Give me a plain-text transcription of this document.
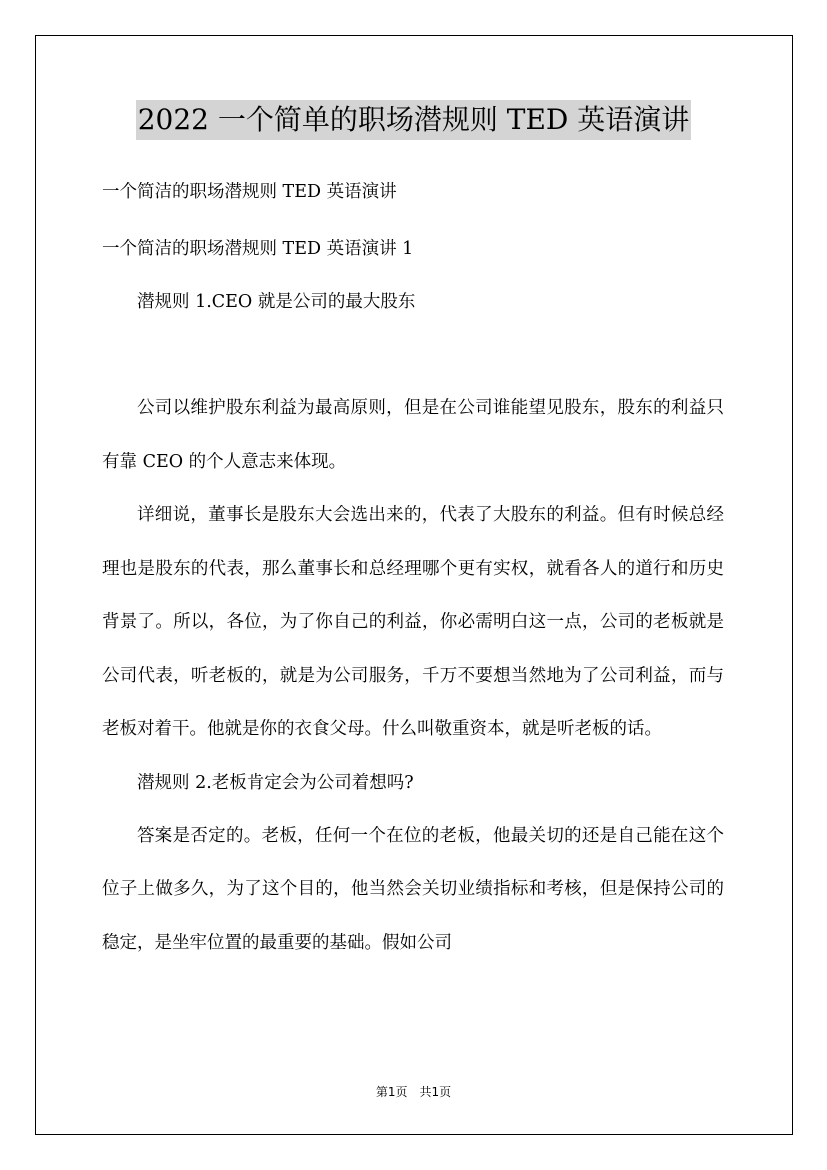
2022 一个简单的职场潜规则 TED 英语演讲
一个简洁的职场潜规则 TED 英语演讲
一个简洁的职场潜规则 TED 英语演讲 1
潜规则 1.CEO 就是公司的最大股东

公司以维护股东利益为最高原则，但是在公司谁能望见股东，股东的利益只有靠 CEO 的个人意志来体现。

详细说，董事长是股东大会选出来的，代表了大股东的利益。但有时候总经理也是股东的代表，那么董事长和总经理哪个更有实权，就看各人的道行和历史背景了。所以，各位，为了你自己的利益，你必需明白这一点，公司的老板就是公司代表，听老板的，就是为公司服务，千万不要想当然地为了公司利益，而与老板对着干。他就是你的衣食父母。什么叫敬重资本，就是听老板的话。

潜规则 2.老板肯定会为公司着想吗?

答案是否定的。老板，任何一个在位的老板，他最关切的还是自己能在这个位子上做多久，为了这个目的，他当然会关切业绩指标和考核，但是保持公司的稳定，是坐牢位置的最重要的基础。假如公司

第1页　共1页
